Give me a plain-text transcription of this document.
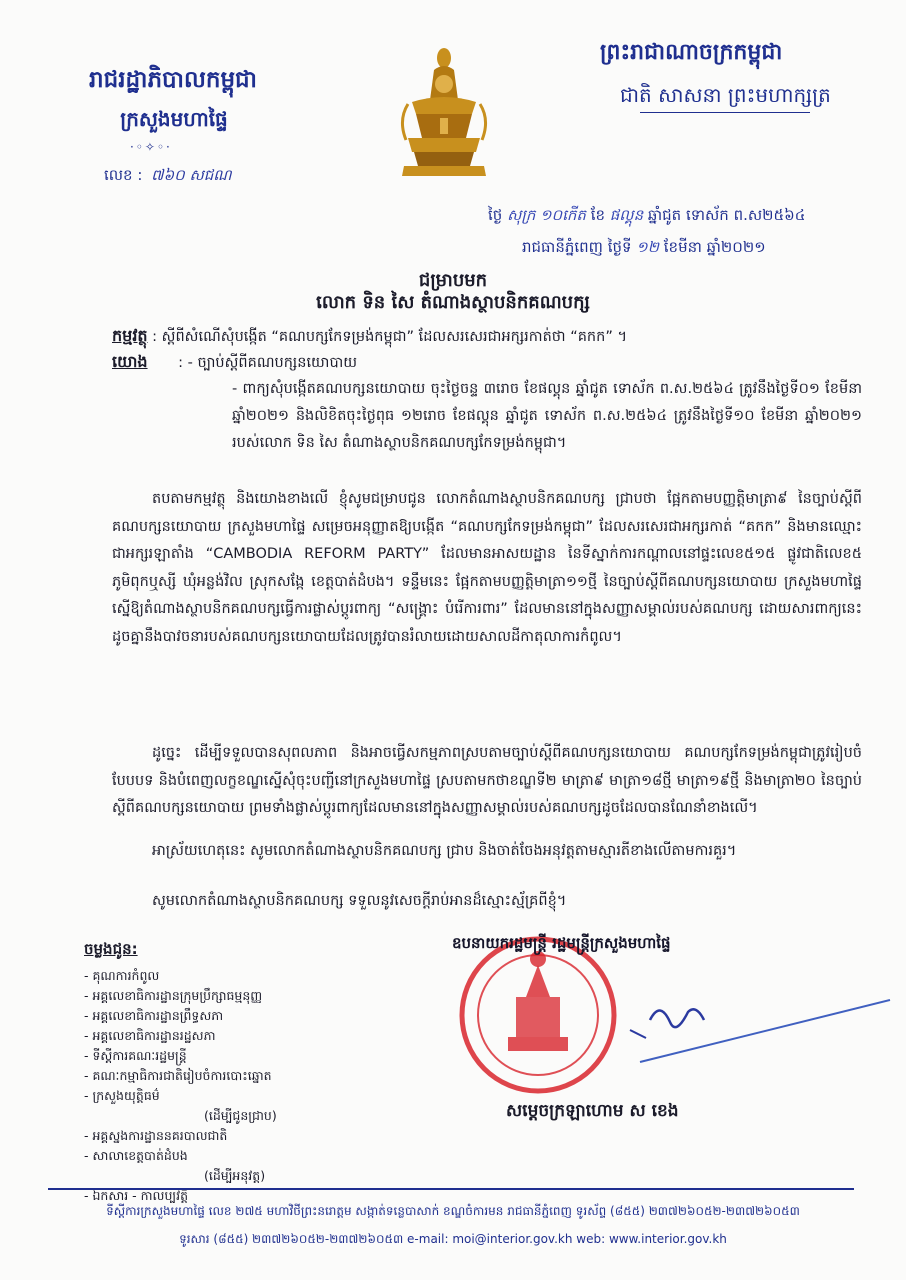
រាជរដ្ឋាភិបាលកម្ពុជា
ក្រសួងមហាផ្ទៃ
·◦✧◦·
លេខ : ៧៦០ សជណ
ព្រះរាជាណាចក្រកម្ពុជា
ជាតិ សាសនា ព្រះមហាក្សត្រ
ថ្ងៃ សុក្រ ១០កើត ខែ ផល្គុន ឆ្នាំជូត ទោស័ក ព.ស២៥៦៤
រាជធានីភ្នំពេញ ថ្ងៃទី ១២ ខែមីនា ឆ្នាំ២០២១
ជម្រាបមក
លោក ទិន សៃ តំណាងស្ថាបនិកគណបក្ស
កម្មវត្ថុ : ស្តីពីសំណើសុំបង្កើត “គណបក្សកែទម្រង់កម្ពុជា” ដែលសរសេរជាអក្សរកាត់ថា “គកក” ។
យោង : - ច្បាប់ស្តីពីគណបក្សនយោបាយ
- ពាក្យសុំបង្កើតគណបក្សនយោបាយ ចុះថ្ងៃចន្ទ ៣រោច ខែផល្គុន ឆ្នាំជូត ទោស័ក ព.ស.២៥៦៤ ត្រូវនឹងថ្ងៃទី០១ ខែមីនា ឆ្នាំ២០២១ និងលិខិតចុះថ្ងៃពុធ ១២រោច ខែផល្គុន ឆ្នាំជូត ទោស័ក ព.ស.២៥៦៤ ត្រូវនឹងថ្ងៃទី១០ ខែមីនា ឆ្នាំ២០២១ របស់លោក ទិន សៃ តំណាងស្ថាបនិកគណបក្សកែទម្រង់កម្ពុជា។
តបតាមកម្មវត្ថុ និងយោងខាងលើ ខ្ញុំសូមជម្រាបជូន លោកតំណាងស្ថាបនិកគណបក្ស ជ្រាបថា ផ្អែកតាមបញ្ញត្តិមាត្រា៩ នៃច្បាប់ស្តីពីគណបក្សនយោបាយ ក្រសួងមហាផ្ទៃ សម្រេចអនុញ្ញាតឱ្យបង្កើត “គណបក្សកែទម្រង់កម្ពុជា” ដែលសរសេរជាអក្សរកាត់ “គកក” និងមានឈ្មោះជាអក្សរឡាតាំង “CAMBODIA REFORM PARTY” ដែលមានអាសយដ្ឋាន នៃទីស្នាក់ការកណ្តាលនៅផ្ទះលេខ៥១៥ ផ្លូវជាតិលេខ៥ ភូមិពុកឬស្សី ឃុំអន្លង់វិល ស្រុកសង្កែ ខេត្តបាត់ដំបង។ ទន្ទឹមនេះ ផ្អែកតាមបញ្ញត្តិមាត្រា១១ថ្មី នៃច្បាប់ស្តីពីគណបក្សនយោបាយ ក្រសួងមហាផ្ទៃ ស្នើឱ្យតំណាងស្ថាបនិកគណបក្សធ្វើការផ្លាស់ប្តូរពាក្យ “សង្គ្រោះ បំរើការពារ” ដែលមាននៅក្នុងសញ្ញាសម្គាល់របស់គណបក្ស ដោយសារពាក្យនេះដូចគ្នានឹងបាវចនារបស់គណបក្សនយោបាយដែលត្រូវបានរំលាយដោយសាលដីកាតុលាការកំពូល។
ដូច្នេះ ដើម្បីទទួលបានសុពលភាព និងអាចធ្វើសកម្មភាពស្របតាមច្បាប់ស្តីពីគណបក្សនយោបាយ គណបក្សកែទម្រង់កម្ពុជាត្រូវរៀបចំបែបបទ និងបំពេញលក្ខខណ្ឌស្នើសុំចុះបញ្ជីនៅក្រសួងមហាផ្ទៃ ស្របតាមកថាខណ្ឌទី២ មាត្រា៩ មាត្រា១៨ថ្មី មាត្រា១៩ថ្មី និងមាត្រា២០ នៃច្បាប់ស្តីពីគណបក្សនយោបាយ ព្រមទាំងផ្លាស់ប្តូរពាក្យដែលមាននៅក្នុងសញ្ញាសម្គាល់របស់គណបក្សដូចដែលបានណែនាំខាងលើ។
អាស្រ័យហេតុនេះ សូមលោកតំណាងស្ថាបនិកគណបក្ស ជ្រាប និងចាត់ចែងអនុវត្តតាមស្មារតីខាងលើតាមការគួរ។
សូមលោកតំណាងស្ថាបនិកគណបក្ស ទទួលនូវសេចក្តីរាប់អានដ៏ស្មោះស្ម័គ្រពីខ្ញុំ។
ចម្លងជូន:
- គុណការកំពូល
- អគ្គលេខាធិការដ្ឋានក្រុមប្រឹក្សាធម្មនុញ្ញ
- អគ្គលេខាធិការដ្ឋានព្រឹទ្ធសភា
- អគ្គលេខាធិការដ្ឋានរដ្ឋសភា
- ទីស្តីការគណៈរដ្ឋមន្ត្រី
- គណៈកម្មាធិការជាតិរៀបចំការបោះឆ្នោត
- ក្រសួងយុត្តិធម៌
(ដើម្បីជូនជ្រាប)
- អគ្គស្នងការដ្ឋាននគរបាលជាតិ
- សាលាខេត្តបាត់ដំបង
(ដើម្បីអនុវត្ត)
- ឯកសារ - កាលប្បវត្តិ
ឧបនាយករដ្ឋមន្ត្រី រដ្ឋមន្ត្រីក្រសួងមហាផ្ទៃ
សម្តេចក្រឡាហោម ស ខេង
ទីស្តីការក្រសួងមហាផ្ទៃ លេខ ២៧៥ មហាវិថីព្រះនរោត្តម សង្កាត់ទន្លេបាសាក់ ខណ្ឌចំការមន រាជធានីភ្នំពេញ ទូរស័ព្ទ (៨៥៥) ២៣៧២៦០៥២-២៣៧២៦០៥៣
ទូរសារ (៨៥៥) ២៣៧២៦០៥២-២៣៧២៦០៥៣ e-mail: moi@interior.gov.kh web: www.interior.gov.kh
